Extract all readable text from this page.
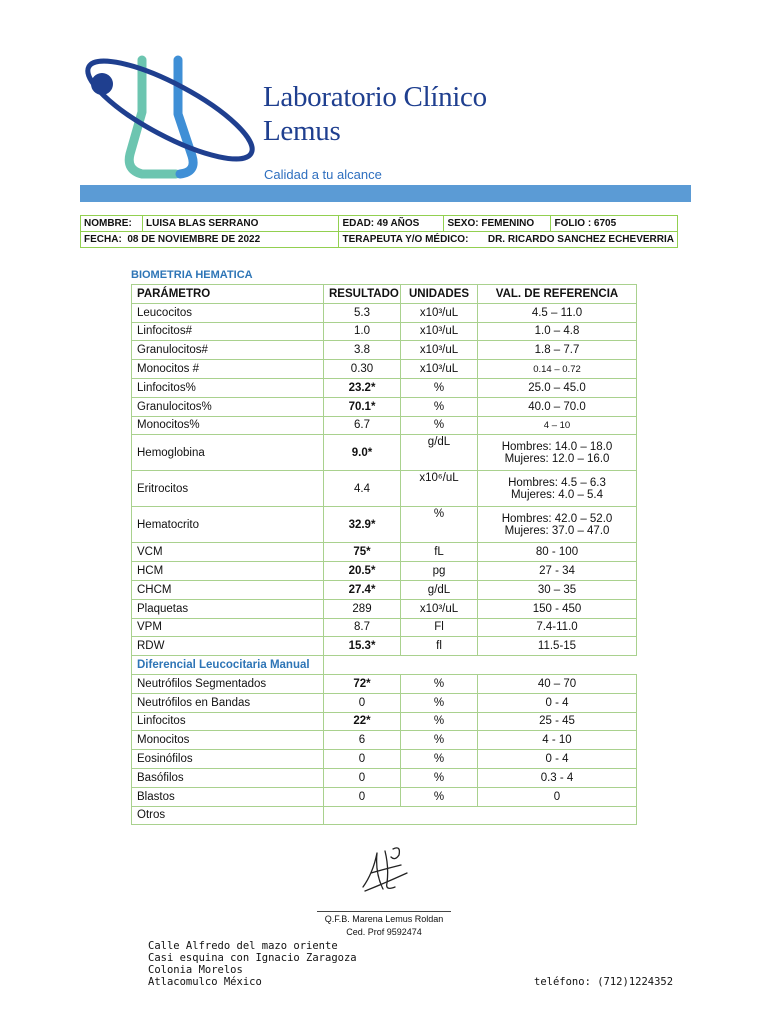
Laboratorio Clínico
Lemus
Calidad a tu alcance
NOMBRE:	LUISA BLAS SERRANO	EDAD: 49 AÑOS	SEXO: FEMENINO	FOLIO : 6705
FECHA: 08 DE NOVIEMBRE DE 2022		TERAPEUTA Y/O MÉDICO: DR. RICARDO SANCHEZ ECHEVERRIA		
BIOMETRIA HEMATICA
PARÁMETRO	RESULTADO	UNIDADES	VAL. DE REFERENCIA
Leucocitos	5.3	x10³/uL	4.5 – 11.0
Linfocitos#	1.0	x10³/uL	1.0 – 4.8
Granulocitos#	3.8	x10³/uL	1.8 – 7.7
Monocitos #	0.30	x10³/uL	0.14 – 0.72
Linfocitos%	23.2*	%	25.0 – 45.0
Granulocitos%	70.1*	%	40.0 – 70.0
Monocitos%	6.7	%	4 – 10
Hemoglobina	9.0*	g/dL	Hombres: 14.0 – 18.0
Mujeres: 12.0 – 16.0

Eritrocitos	4.4	x10⁶/uL	Hombres: 4.5 – 6.3
Mujeres: 4.0 – 5.4

Hematocrito	32.9*	%	Hombres: 42.0 – 52.0
Mujeres: 37.0 – 47.0

VCM	75*	fL	80 - 100
HCM	20.5*	pg	27 - 34
CHCM	27.4*	g/dL	30 – 35
Plaquetas	289	x10³/uL	150 - 450
VPM	8.7	Fl	7.4-11.0
RDW	15.3*	fl	11.5-15
Diferencial Leucocitaria Manual			
Neutrófilos Segmentados	72*	%	40 – 70
Neutrófilos en Bandas	0	%	0 - 4
Linfocitos	22*	%	25 - 45
Monocitos	6	%	4 - 10
Eosinófilos	0	%	0 - 4
Basófilos	0	%	0.3 - 4
Blastos	0	%	0
Otros			
Q.F.B. Marena Lemus Roldan
Ced. Prof 9592474
Calle Alfredo del mazo oriente
Casi esquina con Ignacio Zaragoza
Colonia Morelos
Atlacomulco México	teléfono: (712)1224352
